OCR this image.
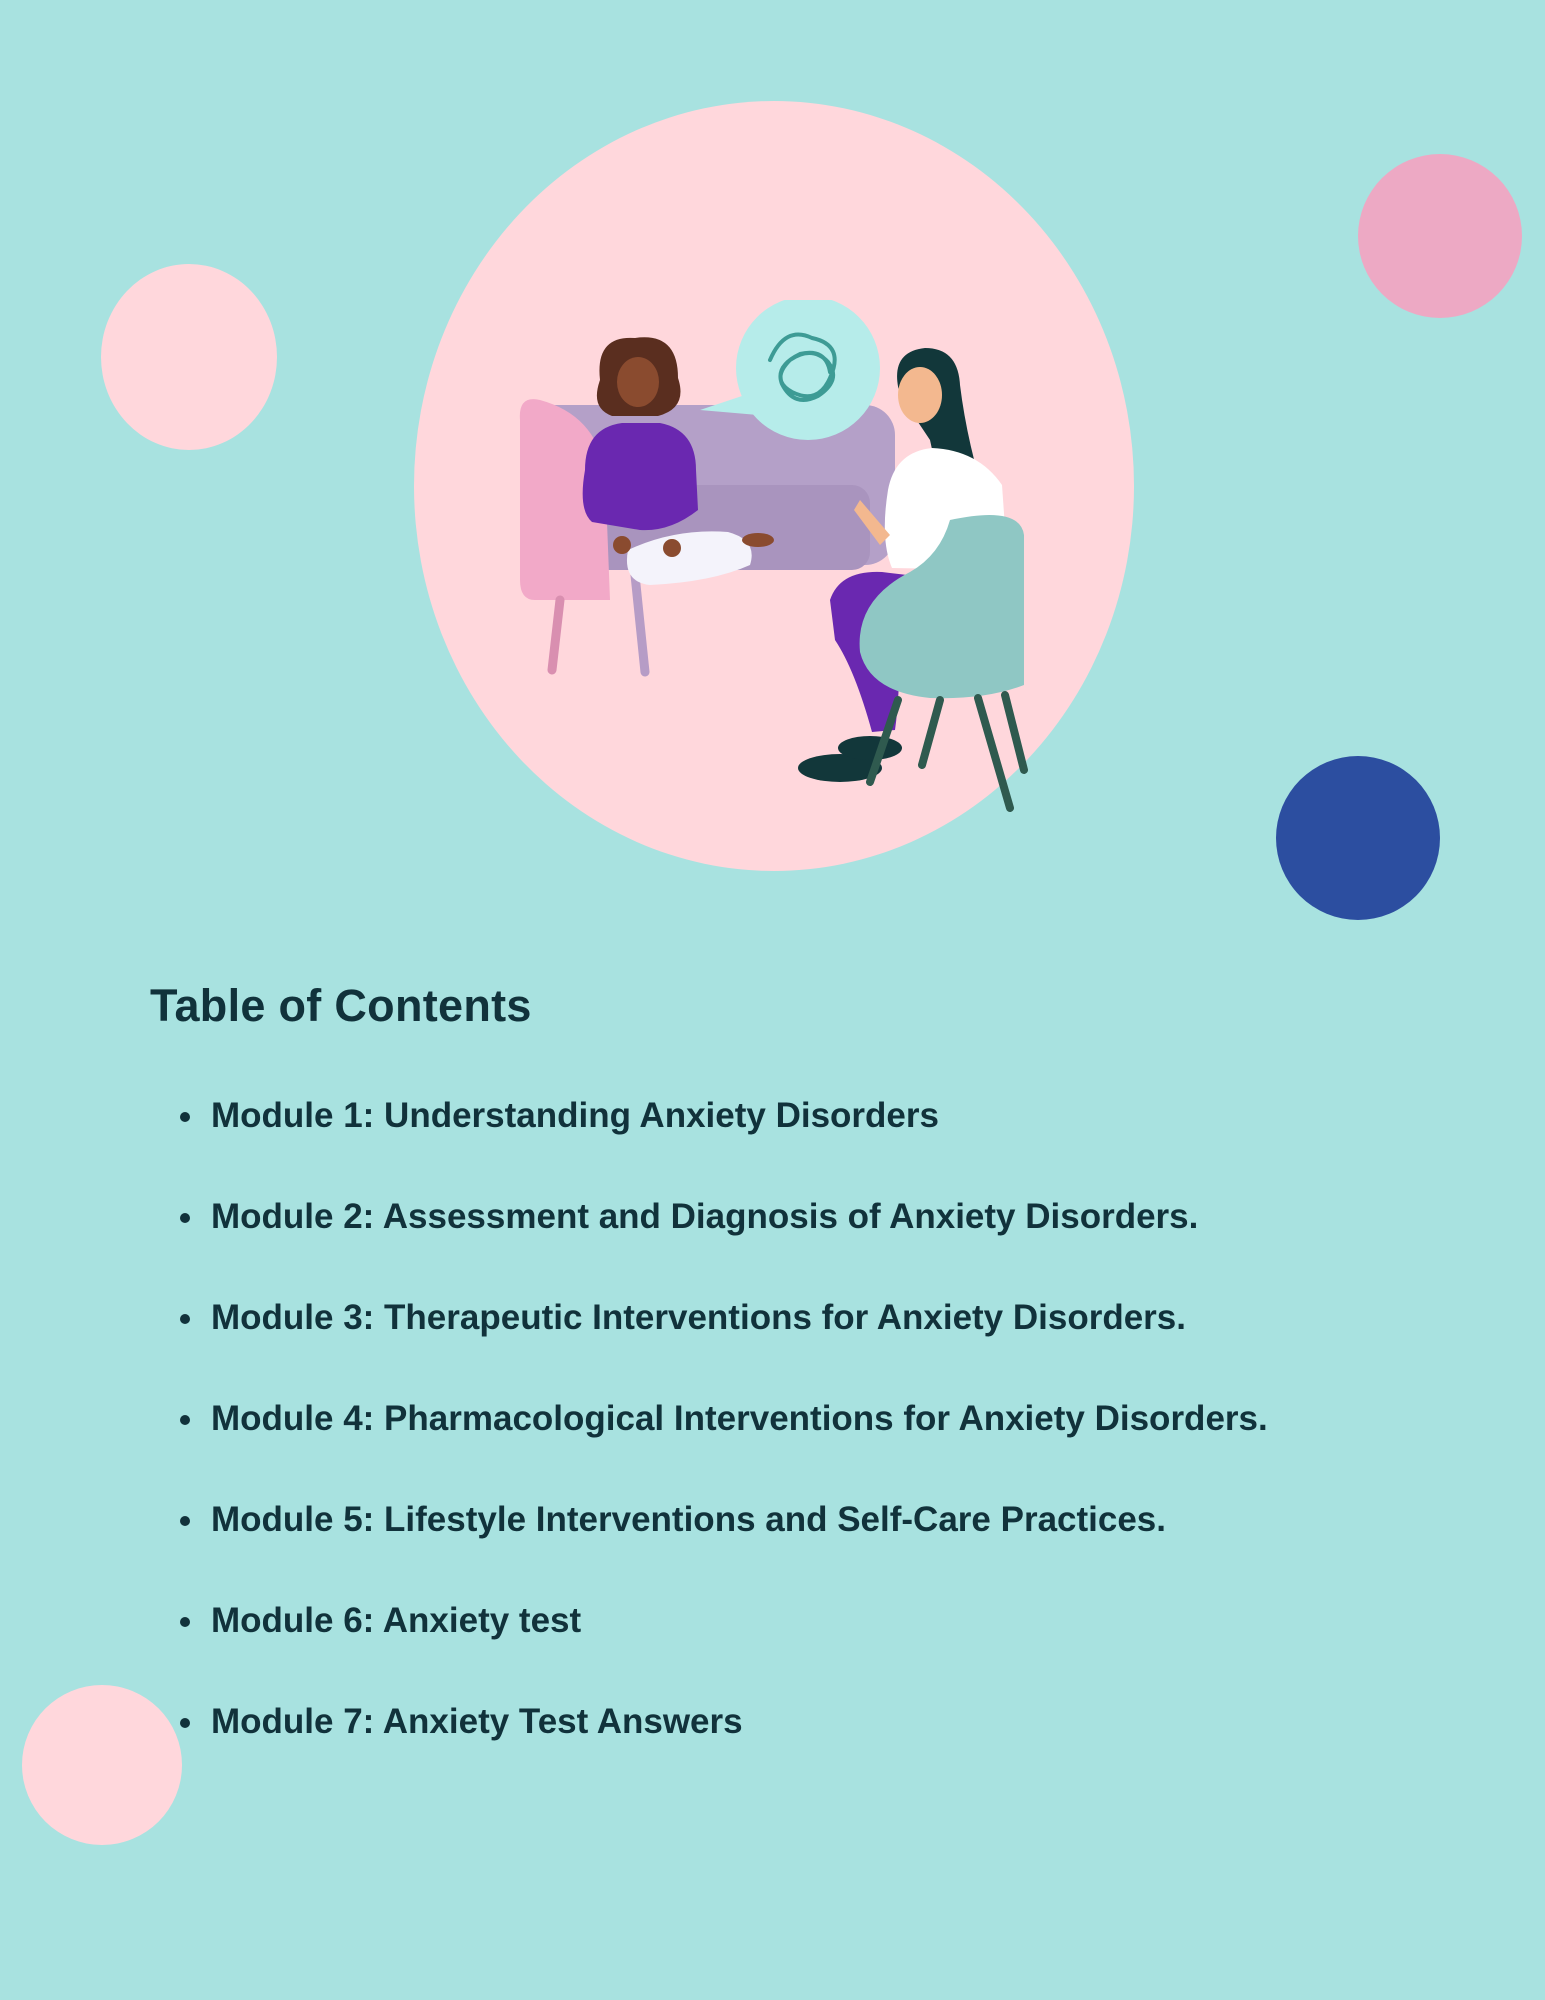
Table of Contents
Module 1: Understanding Anxiety Disorders
Module 2: Assessment and Diagnosis of Anxiety Disorders.
Module 3: Therapeutic Interventions for Anxiety Disorders.
Module 4: Pharmacological Interventions for Anxiety Disorders.
Module 5: Lifestyle Interventions and Self-Care Practices.
Module 6: Anxiety test
Module 7: Anxiety Test Answers
